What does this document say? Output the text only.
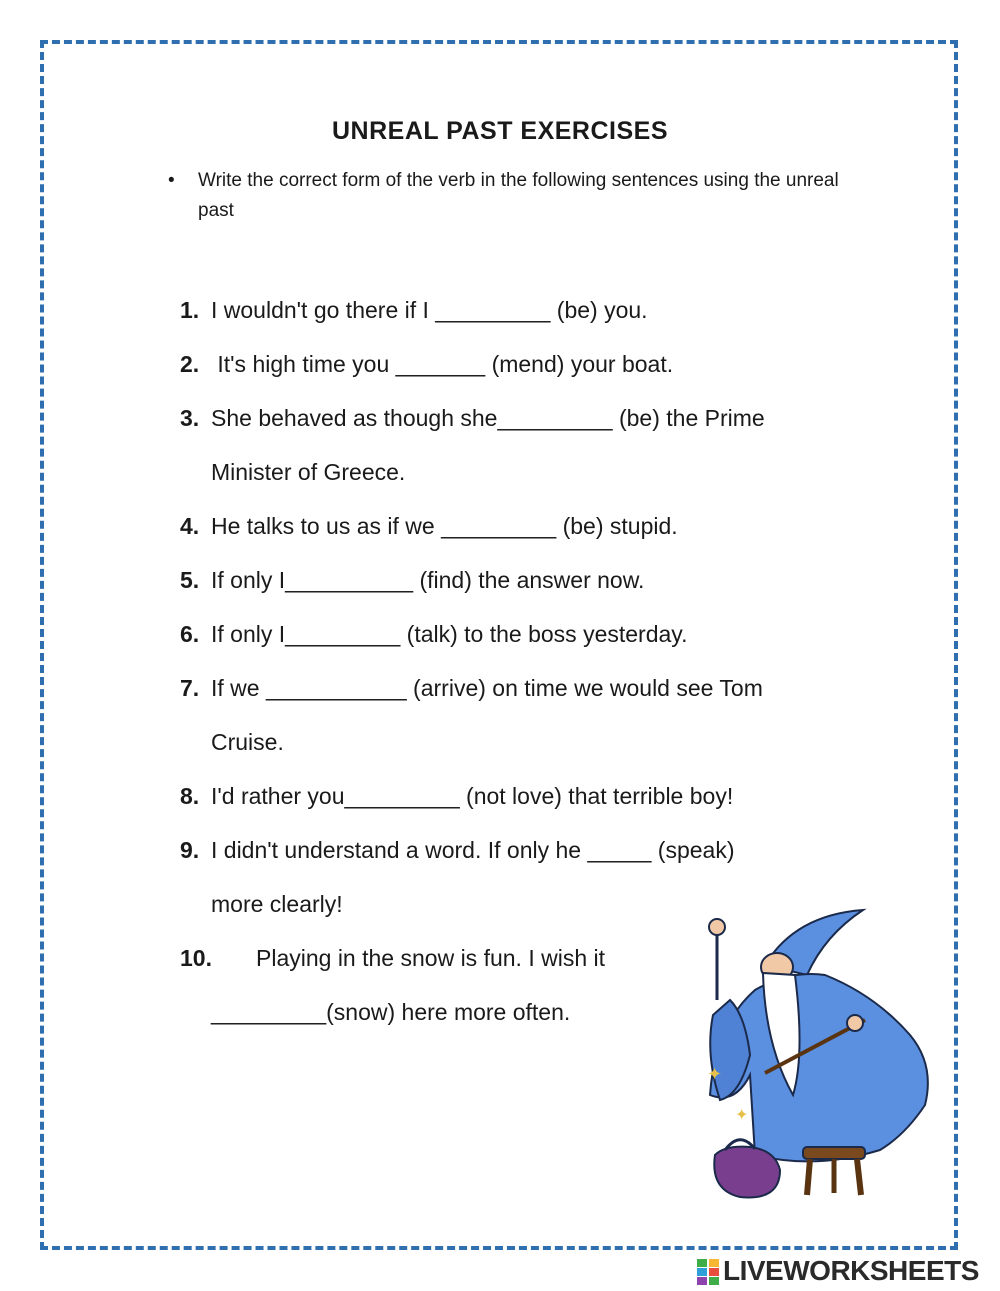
UNREAL PAST EXERCISES
• Write the correct form of the verb in the following sentences using the unreal past
1. I wouldn't go there if I _________ (be) you.
2. It's high time you _______ (mend) your boat.
3. She behaved as though she_________ (be) the Prime
Minister of Greece.
4. He talks to us as if we _________ (be) stupid.
5. If only I__________ (find) the answer now.
6. If only I_________ (talk) to the boss yesterday.
7. If we ___________ (arrive) on time we would see Tom
Cruise.
8. I'd rather you_________ (not love) that terrible boy!
9. I didn't understand a word. If only he _____ (speak)
more clearly!
10. Playing in the snow is fun. I wish it
_________(snow) here more often.
✦
✦
LIVEWORKSHEETS
